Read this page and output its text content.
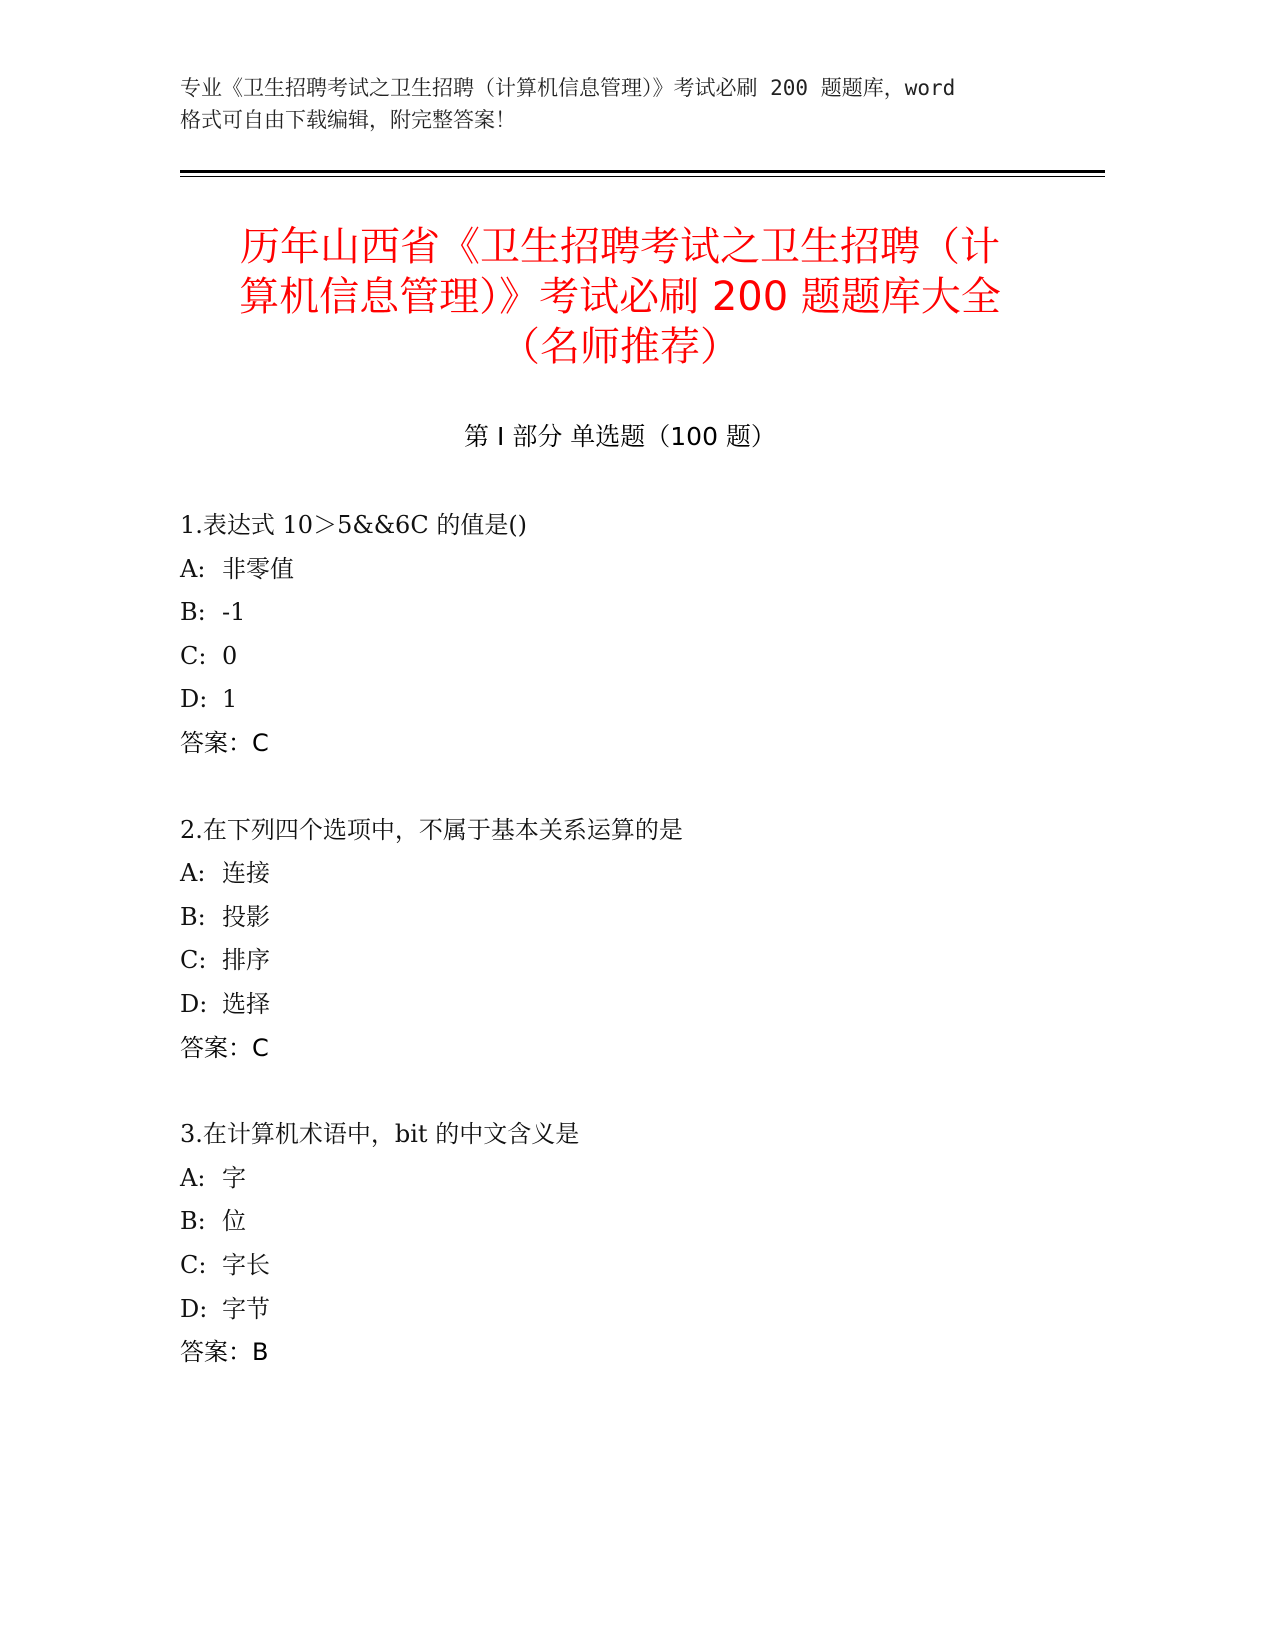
专业《卫生招聘考试之卫生招聘（计算机信息管理）》考试必刷 200 题题库，word
格式可自由下载编辑，附完整答案！
历年山西省《卫生招聘考试之卫生招聘（计
算机信息管理）》考试必刷 200 题题库大全
（名师推荐）
第 I 部分 单选题（100 题）
1.表达式 10＞5&&6C 的值是()
A: 非零值
B: -1
C: 0
D: 1
答案：C
2.在下列四个选项中，不属于基本关系运算的是
A: 连接
B: 投影
C: 排序
D: 选择
答案：C
3.在计算机术语中，bit 的中文含义是
A: 字
B: 位
C: 字长
D: 字节
答案：B
